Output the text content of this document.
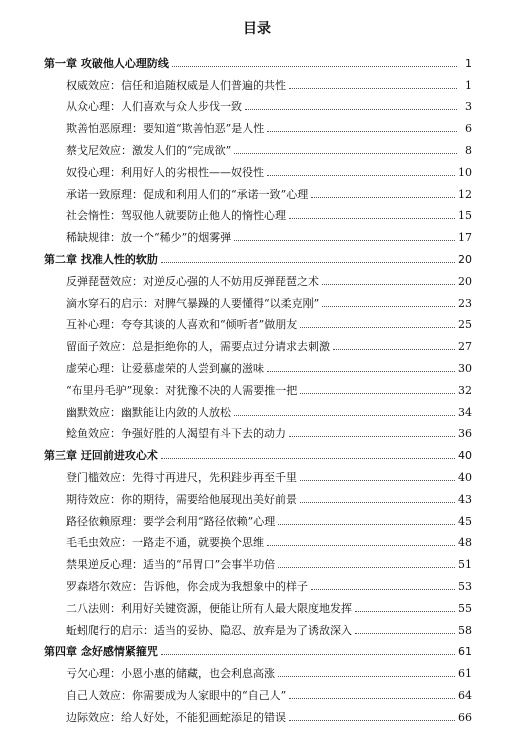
目录
第一章 攻破他人心理防线	1
权威效应：信任和追随权威是人们普遍的共性	1
从众心理：人们喜欢与众人步伐一致	3
欺善怕恶原理：要知道“欺善怕恶”是人性	6
蔡戈尼效应：激发人们的“完成欲”	8
奴役心理：利用好人的劣根性——奴役性	10
承诺一致原理：促成和利用人们的“承诺一致”心理	12
社会惰性：驾驭他人就要防止他人的惰性心理	15
稀缺规律：放一个“稀少”的烟雾弹	17
第二章 找准人性的软肋	20
反弹琵琶效应：对逆反心强的人不妨用反弹琵琶之术	20
滴水穿石的启示：对脾气暴躁的人要懂得“以柔克刚”	23
互补心理：夸夸其谈的人喜欢和“倾听者”做朋友	25
留面子效应：总是拒绝你的人，需要点过分请求去刺激	27
虚荣心理：让爱慕虚荣的人尝到赢的滋味	30
“布里丹毛驴”现象：对犹豫不决的人需要推一把	32
幽默效应：幽默能让内敛的人放松	34
鲶鱼效应：争强好胜的人渴望有斗下去的动力	36
第三章 迂回前进攻心术	40
登门槛效应：先得寸再进尺，先积跬步再至千里	40
期待效应：你的期待，需要给他展现出美好前景	43
路径依赖原理：要学会利用“路径依赖”心理	45
毛毛虫效应：一路走不通，就要换个思维	48
禁果逆反心理：适当的“吊胃口”会事半功倍	51
罗森塔尔效应：告诉他，你会成为我想象中的样子	53
二八法则：利用好关键资源，便能让所有人最大限度地发挥	55
蚯蚓爬行的启示：适当的妥协、隐忍、放弃是为了诱敌深入	58
第四章 念好感情紧箍咒	61
亏欠心理：小恩小惠的储藏，也会利息高涨	61
自己人效应：你需要成为人家眼中的“自己人”	64
边际效应：给人好处，不能犯画蛇添足的错误	66
